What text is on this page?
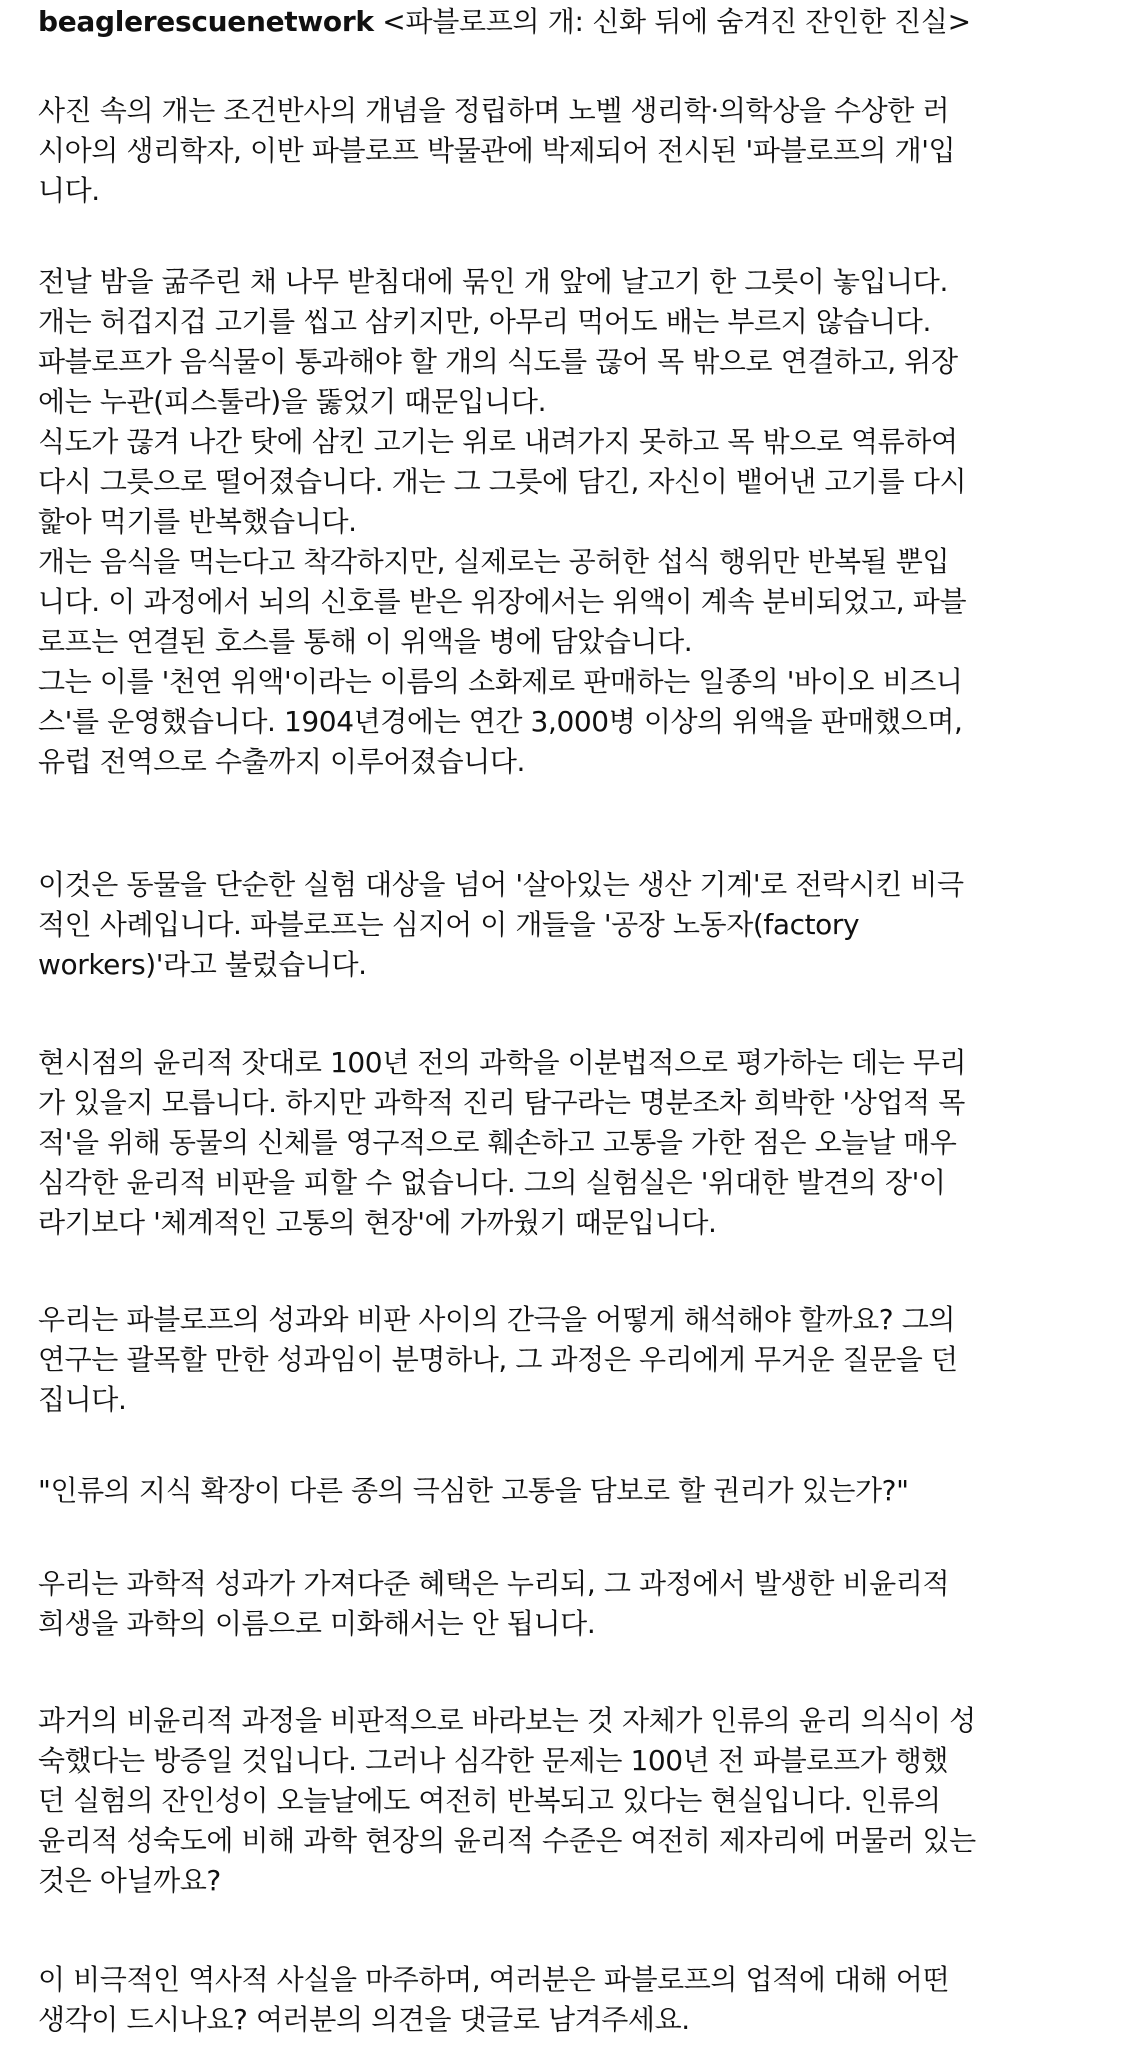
beaglerescuenetwork <파블로프의 개: 신화 뒤에 숨겨진 잔인한 진실>

사진 속의 개는 조건반사의 개념을 정립하며 노벨 생리학·의학상을 수상한 러
시아의 생리학자, 이반 파블로프 박물관에 박제되어 전시된 '파블로프의 개'입
니다.

전날 밤을 굶주린 채 나무 받침대에 묶인 개 앞에 날고기 한 그릇이 놓입니다.
개는 허겁지겁 고기를 씹고 삼키지만, 아무리 먹어도 배는 부르지 않습니다.
파블로프가 음식물이 통과해야 할 개의 식도를 끊어 목 밖으로 연결하고, 위장
에는 누관(피스툴라)을 뚫었기 때문입니다.
식도가 끊겨 나간 탓에 삼킨 고기는 위로 내려가지 못하고 목 밖으로 역류하여
다시 그릇으로 떨어졌습니다. 개는 그 그릇에 담긴, 자신이 뱉어낸 고기를 다시
핥아 먹기를 반복했습니다.
개는 음식을 먹는다고 착각하지만, 실제로는 공허한 섭식 행위만 반복될 뿐입
니다. 이 과정에서 뇌의 신호를 받은 위장에서는 위액이 계속 분비되었고, 파블
로프는 연결된 호스를 통해 이 위액을 병에 담았습니다.
그는 이를 '천연 위액'이라는 이름의 소화제로 판매하는 일종의 '바이오 비즈니
스'를 운영했습니다. 1904년경에는 연간 3,000병 이상의 위액을 판매했으며,
유럽 전역으로 수출까지 이루어졌습니다.

이것은 동물을 단순한 실험 대상을 넘어 '살아있는 생산 기계'로 전락시킨 비극
적인 사례입니다. 파블로프는 심지어 이 개들을 '공장 노동자(factory
workers)'라고 불렀습니다.

현시점의 윤리적 잣대로 100년 전의 과학을 이분법적으로 평가하는 데는 무리
가 있을지 모릅니다. 하지만 과학적 진리 탐구라는 명분조차 희박한 '상업적 목
적'을 위해 동물의 신체를 영구적으로 훼손하고 고통을 가한 점은 오늘날 매우
심각한 윤리적 비판을 피할 수 없습니다. 그의 실험실은 '위대한 발견의 장'이
라기보다 '체계적인 고통의 현장'에 가까웠기 때문입니다.

우리는 파블로프의 성과와 비판 사이의 간극을 어떻게 해석해야 할까요? 그의
연구는 괄목할 만한 성과임이 분명하나, 그 과정은 우리에게 무거운 질문을 던
집니다.

"인류의 지식 확장이 다른 종의 극심한 고통을 담보로 할 권리가 있는가?"

우리는 과학적 성과가 가져다준 혜택은 누리되, 그 과정에서 발생한 비윤리적
희생을 과학의 이름으로 미화해서는 안 됩니다.

과거의 비윤리적 과정을 비판적으로 바라보는 것 자체가 인류의 윤리 의식이 성
숙했다는 방증일 것입니다. 그러나 심각한 문제는 100년 전 파블로프가 행했
던 실험의 잔인성이 오늘날에도 여전히 반복되고 있다는 현실입니다. 인류의
윤리적 성숙도에 비해 과학 현장의 윤리적 수준은 여전히 제자리에 머물러 있는
것은 아닐까요?

이 비극적인 역사적 사실을 마주하며, 여러분은 파블로프의 업적에 대해 어떤
생각이 드시나요? 여러분의 의견을 댓글로 남겨주세요.
